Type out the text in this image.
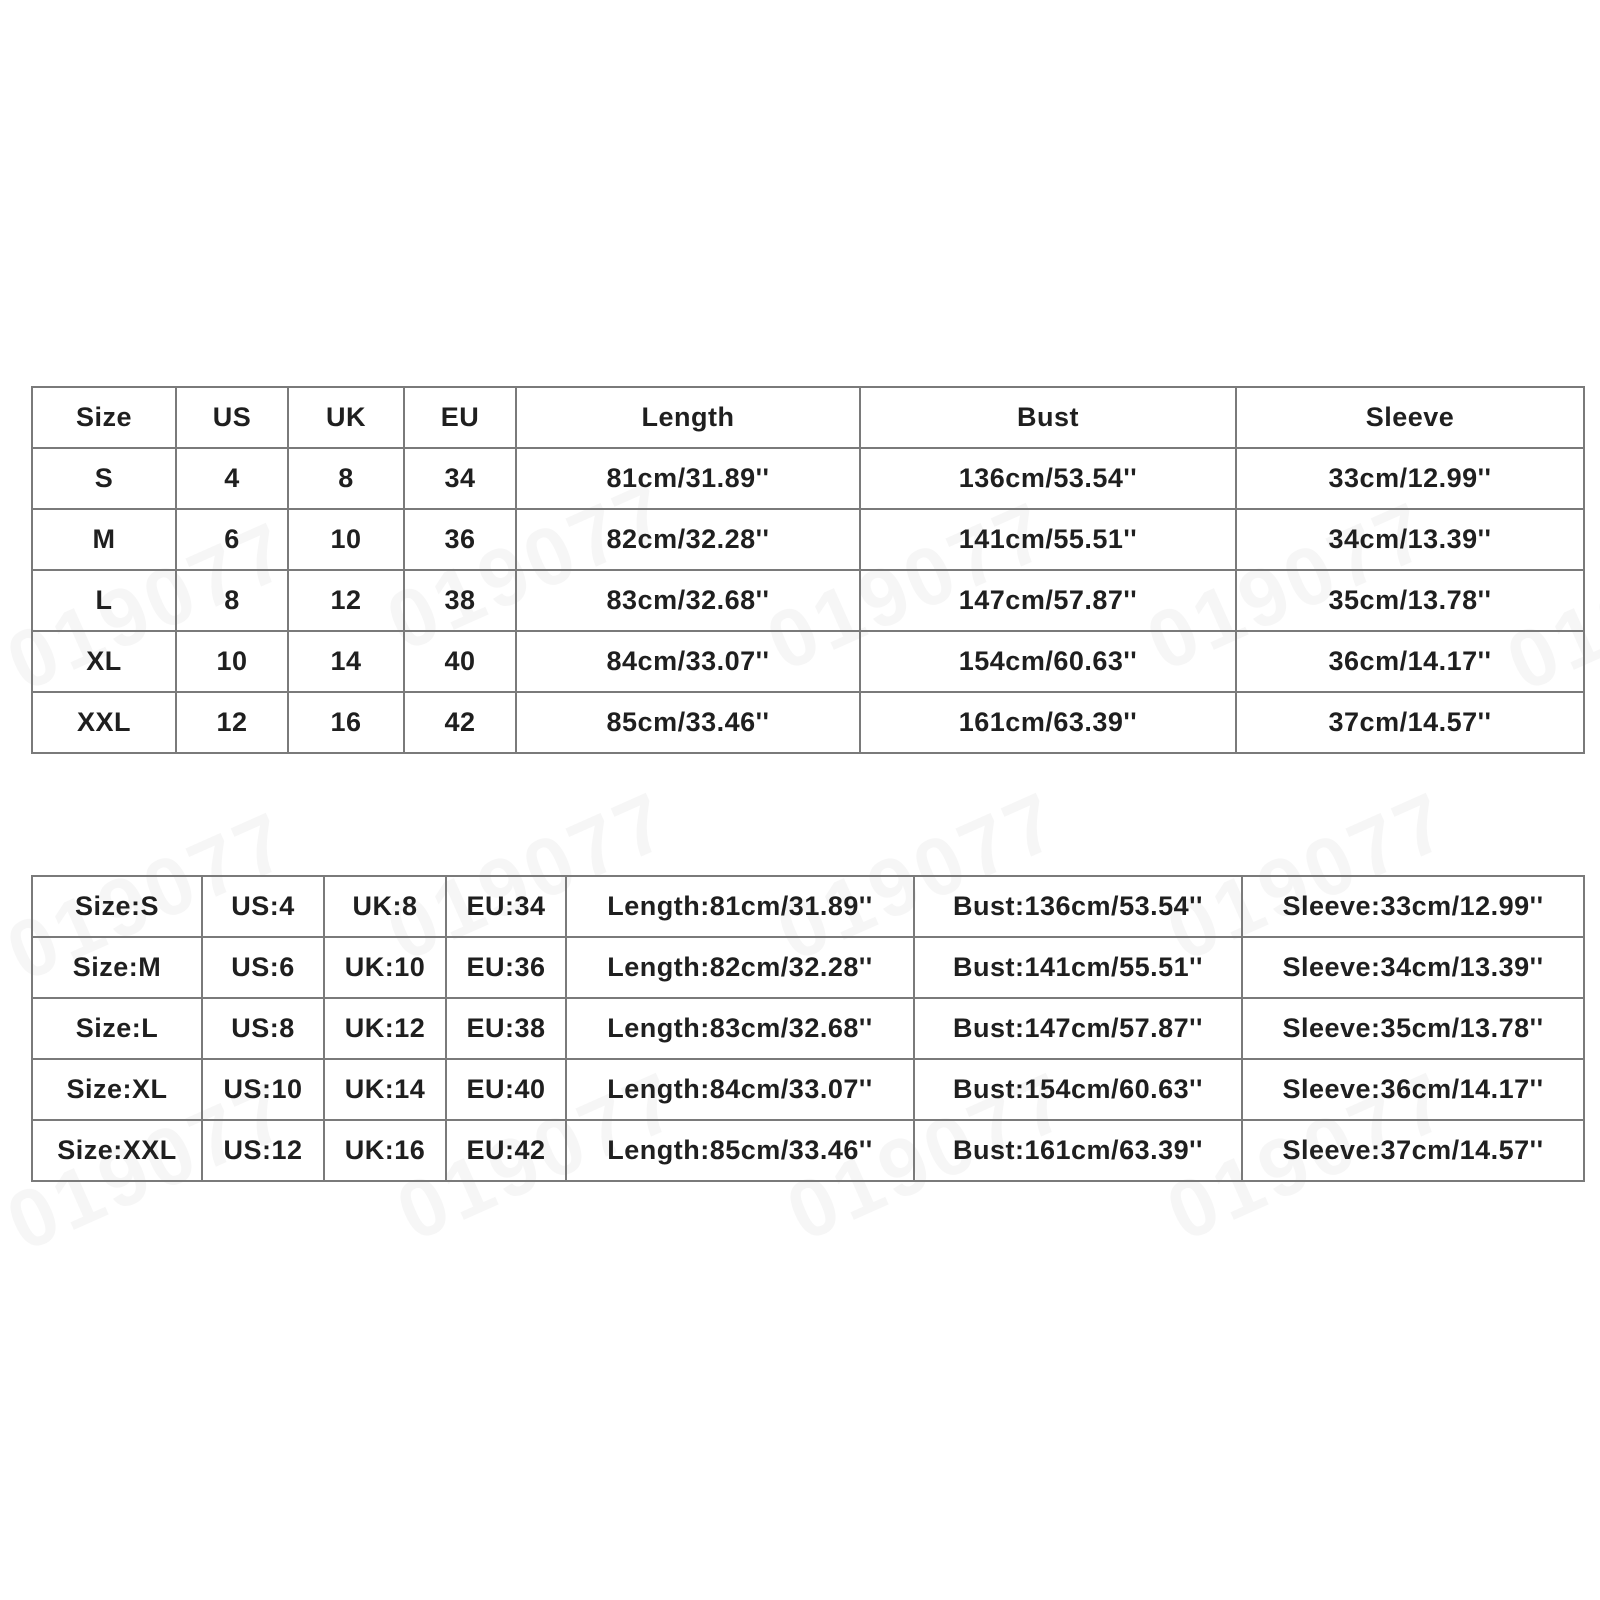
Size	US	UK	EU	Length	Bust	Sleeve
S	4	8	34	81cm/31.89''	136cm/53.54''	33cm/12.99''
M	6	10	36	82cm/32.28''	141cm/55.51''	34cm/13.39''
L	8	12	38	83cm/32.68''	147cm/57.87''	35cm/13.78''
XL	10	14	40	84cm/33.07''	154cm/60.63''	36cm/14.17''
XXL	12	16	42	85cm/33.46''	161cm/63.39''	37cm/14.57''
Size:S	US:4	UK:8	EU:34	Length:81cm/31.89''	Bust:136cm/53.54''	Sleeve:33cm/12.99''
Size:M	US:6	UK:10	EU:36	Length:82cm/32.28''	Bust:141cm/55.51''	Sleeve:34cm/13.39''
Size:L	US:8	UK:12	EU:38	Length:83cm/32.68''	Bust:147cm/57.87''	Sleeve:35cm/13.78''
Size:XL	US:10	UK:14	EU:40	Length:84cm/33.07''	Bust:154cm/60.63''	Sleeve:36cm/14.17''
Size:XXL	US:12	UK:16	EU:42	Length:85cm/33.46''	Bust:161cm/63.39''	Sleeve:37cm/14.57''
